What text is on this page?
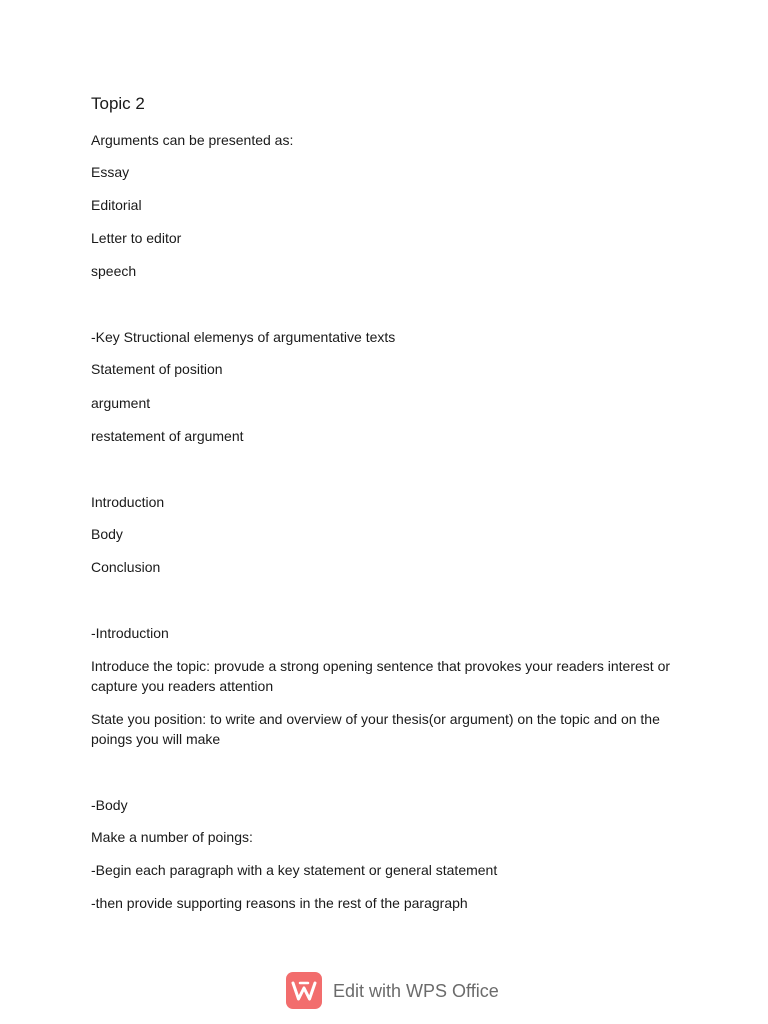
Topic 2
Arguments can be presented as:
Essay
Editorial
Letter to editor
speech
-Key Structional elemenys of argumentative texts
Statement of position
argument
restatement of argument
Introduction
Body
Conclusion
-Introduction
Introduce the topic: provude a strong opening sentence that provokes your readers interest or capture you readers attention
State you position: to write and overview of your thesis(or argument) on the topic and on the poings you will make
-Body
Make a number of poings:
-Begin each paragraph with a key statement or general statement
-then provide supporting reasons in the rest of the paragraph
Edit with WPS Office
